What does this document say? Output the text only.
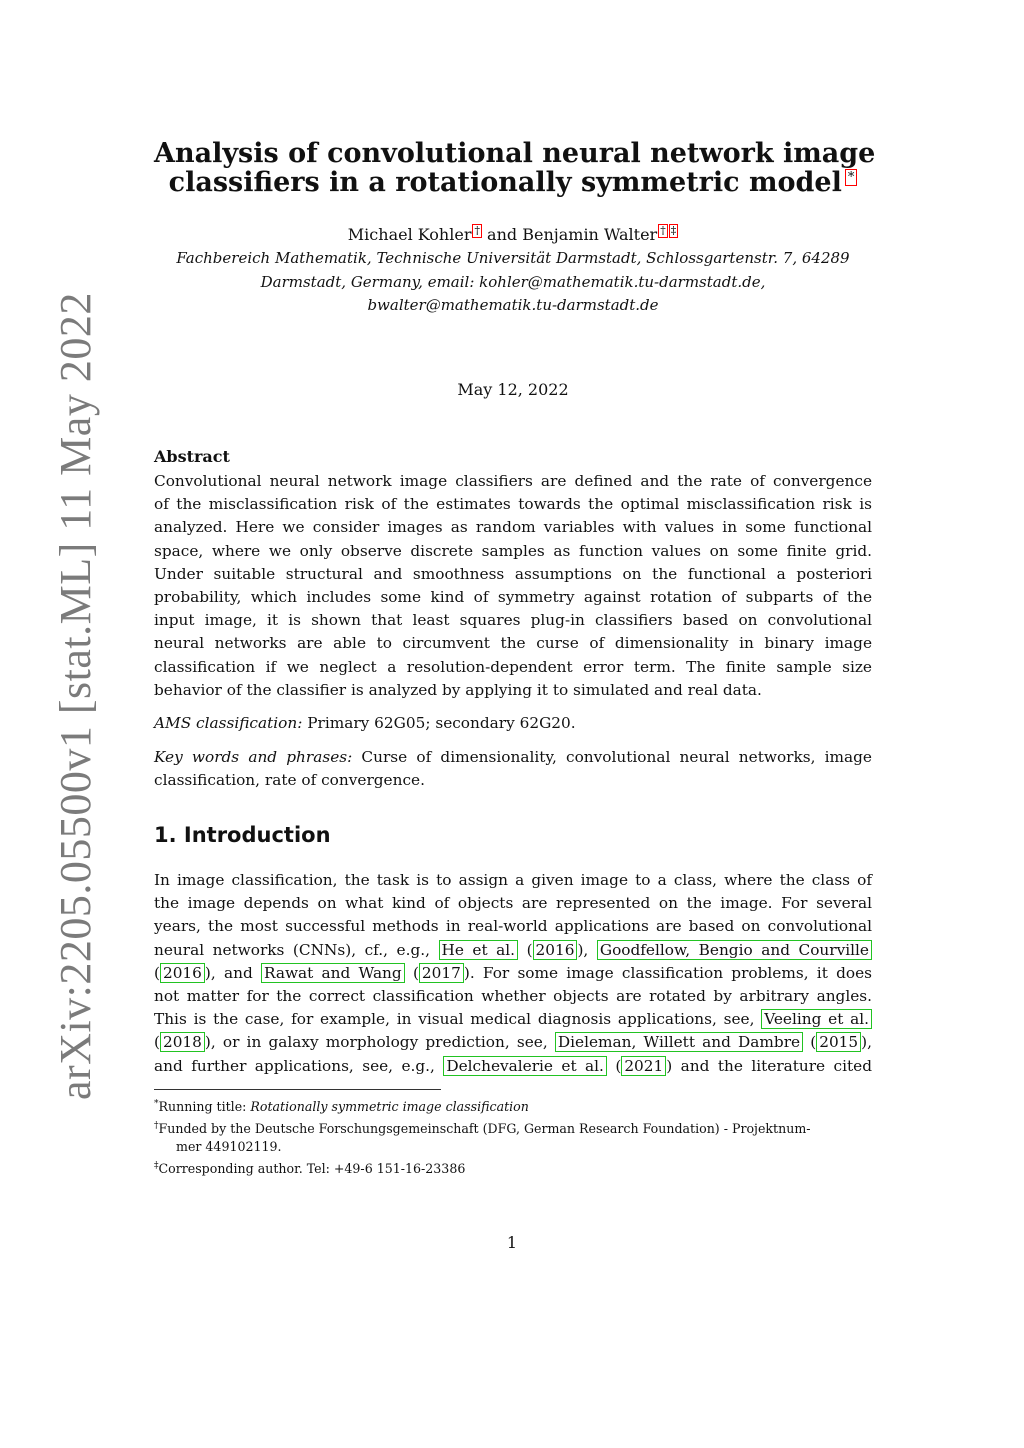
arXiv:2205.05500v1 [stat.ML] 11 May 2022
Analysis of convolutional neural network image
classifiers in a rotationally symmetric model *
Michael Kohler † and Benjamin Walter † ‡
Fachbereich Mathematik, Technische Universität Darmstadt, Schlossgartenstr. 7, 64289
Darmstadt, Germany, email: kohler@mathematik.tu-darmstadt.de,
bwalter@mathematik.tu-darmstadt.de
May 12, 2022
Abstract
Convolutional neural network image classifiers are defined and the rate of convergence
of the misclassification risk of the estimates towards the optimal misclassification risk is
analyzed. Here we consider images as random variables with values in some functional
space, where we only observe discrete samples as function values on some finite grid.
Under suitable structural and smoothness assumptions on the functional a posteriori
probability, which includes some kind of symmetry against rotation of subparts of the
input image, it is shown that least squares plug-in classifiers based on convolutional
neural networks are able to circumvent the curse of dimensionality in binary image
classification if we neglect a resolution-dependent error term. The finite sample size
behavior of the classifier is analyzed by applying it to simulated and real data.
AMS classification: Primary 62G05; secondary 62G20.
Key words and phrases: Curse of dimensionality, convolutional neural networks, image
classification, rate of convergence.
1. Introduction
In image classification, the task is to assign a given image to a class, where the class of
the image depends on what kind of objects are represented on the image. For several
years, the most successful methods in real-world applications are based on convolutional
neural networks (CNNs), cf., e.g., He et al. ( 2016 ), Goodfellow, Bengio and Courville
( 2016 ), and Rawat and Wang ( 2017 ). For some image classification problems, it does
not matter for the correct classification whether objects are rotated by arbitrary angles.
This is the case, for example, in visual medical diagnosis applications, see, Veeling et al.
( 2018 ), or in galaxy morphology prediction, see, Dieleman, Willett and Dambre ( 2015 ),
and further applications, see, e.g., Delchevalerie et al. ( 2021 ) and the literature cited
*Running title: Rotationally symmetric image classification
†Funded by the Deutsche Forschungsgemeinschaft (DFG, German Research Foundation) - Projektnum-
mer 449102119.
‡Corresponding author. Tel: +49-6 151-16-23386
1
